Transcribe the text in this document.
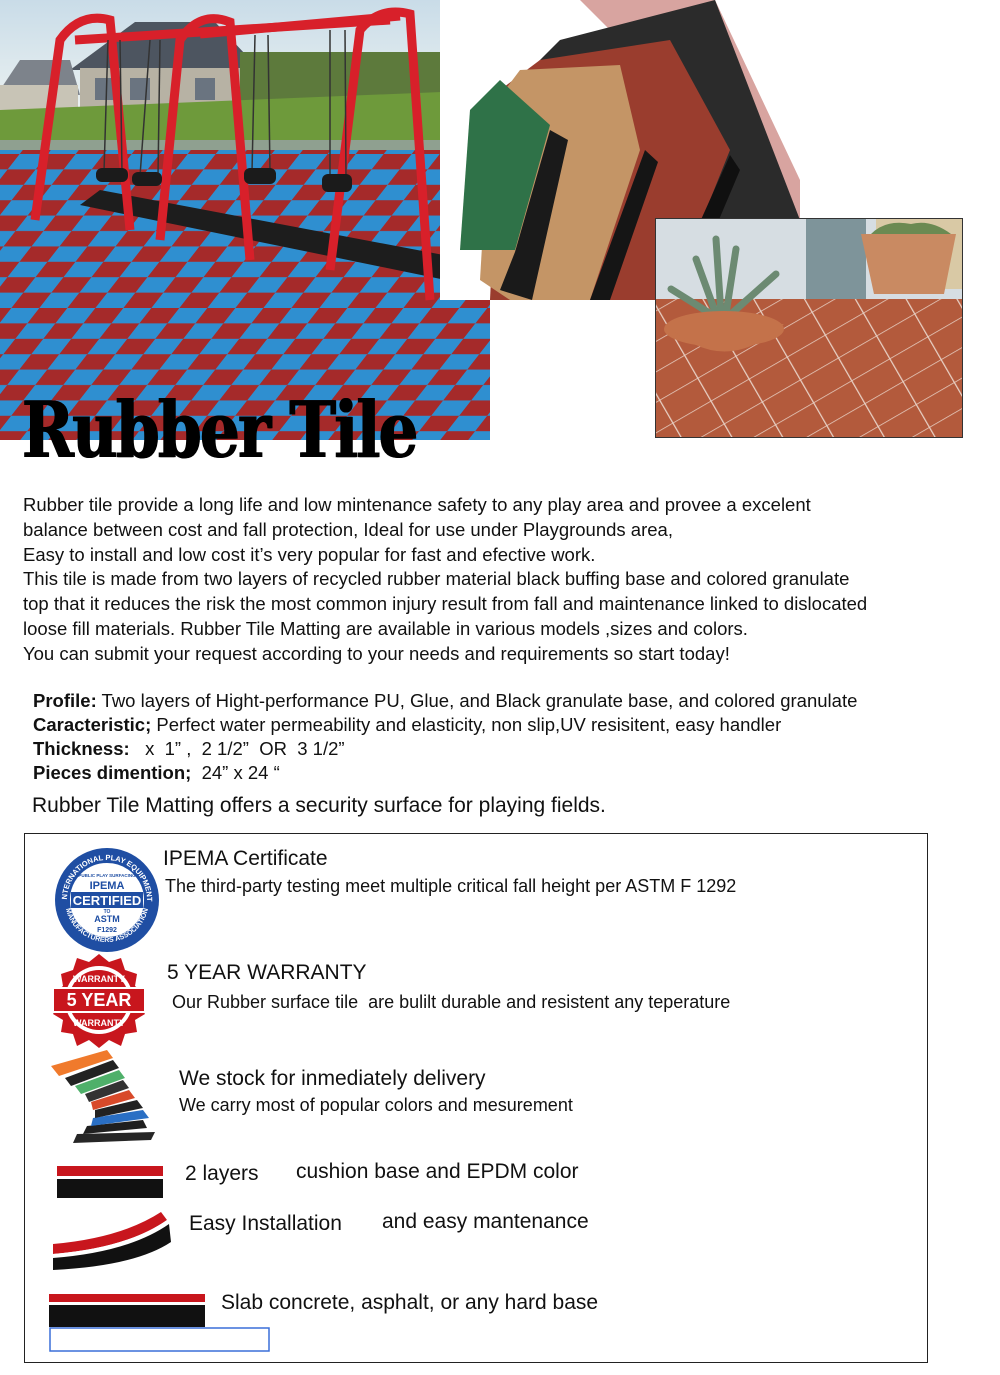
Rubber Tile

Rubber tile provide a long life and low mintenance safety to any play area and provee a excelent

balance between cost and fall protection, Ideal for use under Playgrounds area,

Easy to install and low cost it’s very popular for fast and efective work.

This tile is made from two layers of recycled rubber material black buffing base and colored granulate

top that it reduces the risk the most common injury result from fall and maintenance linked to dislocated

loose fill materials. Rubber Tile Matting are available in various models ,sizes and colors.

You can submit your request according to your needs and requirements so start today!

Profile: Two layers of Hight-performance PU, Glue, and Black granulate base, and colored granulate

Caracteristic; Perfect water permeability and elasticity, non slip,UV resisitent, easy handler

Thickness:   x  1” ,  2 1/2”  OR  3 1/2”

Pieces dimention;  24” x 24 “

Rubber Tile Matting offers a security surface for playing fields.
NTERNATIONAL PLAY EQUIPMENT
MANUFACTURERS ASSOCIATION
PUBLIC PLAY SURFACING
IPEMA
CERTIFIED
TO
ASTM
F1292
IPEMA Certificate
The third-party testing meet multiple critical fall height per ASTM F 1292
WARRANTY
5 YEAR
WARRANTY
5 YEAR WARRANTY
Our Rubber surface tile  are bulilt durable and resistent any teperature
We stock for inmediately delivery
We carry most of popular colors and mesurement
2 layers cushion base and EPDM color
Easy Installation and easy mantenance
Slab concrete, asphalt, or any hard base
